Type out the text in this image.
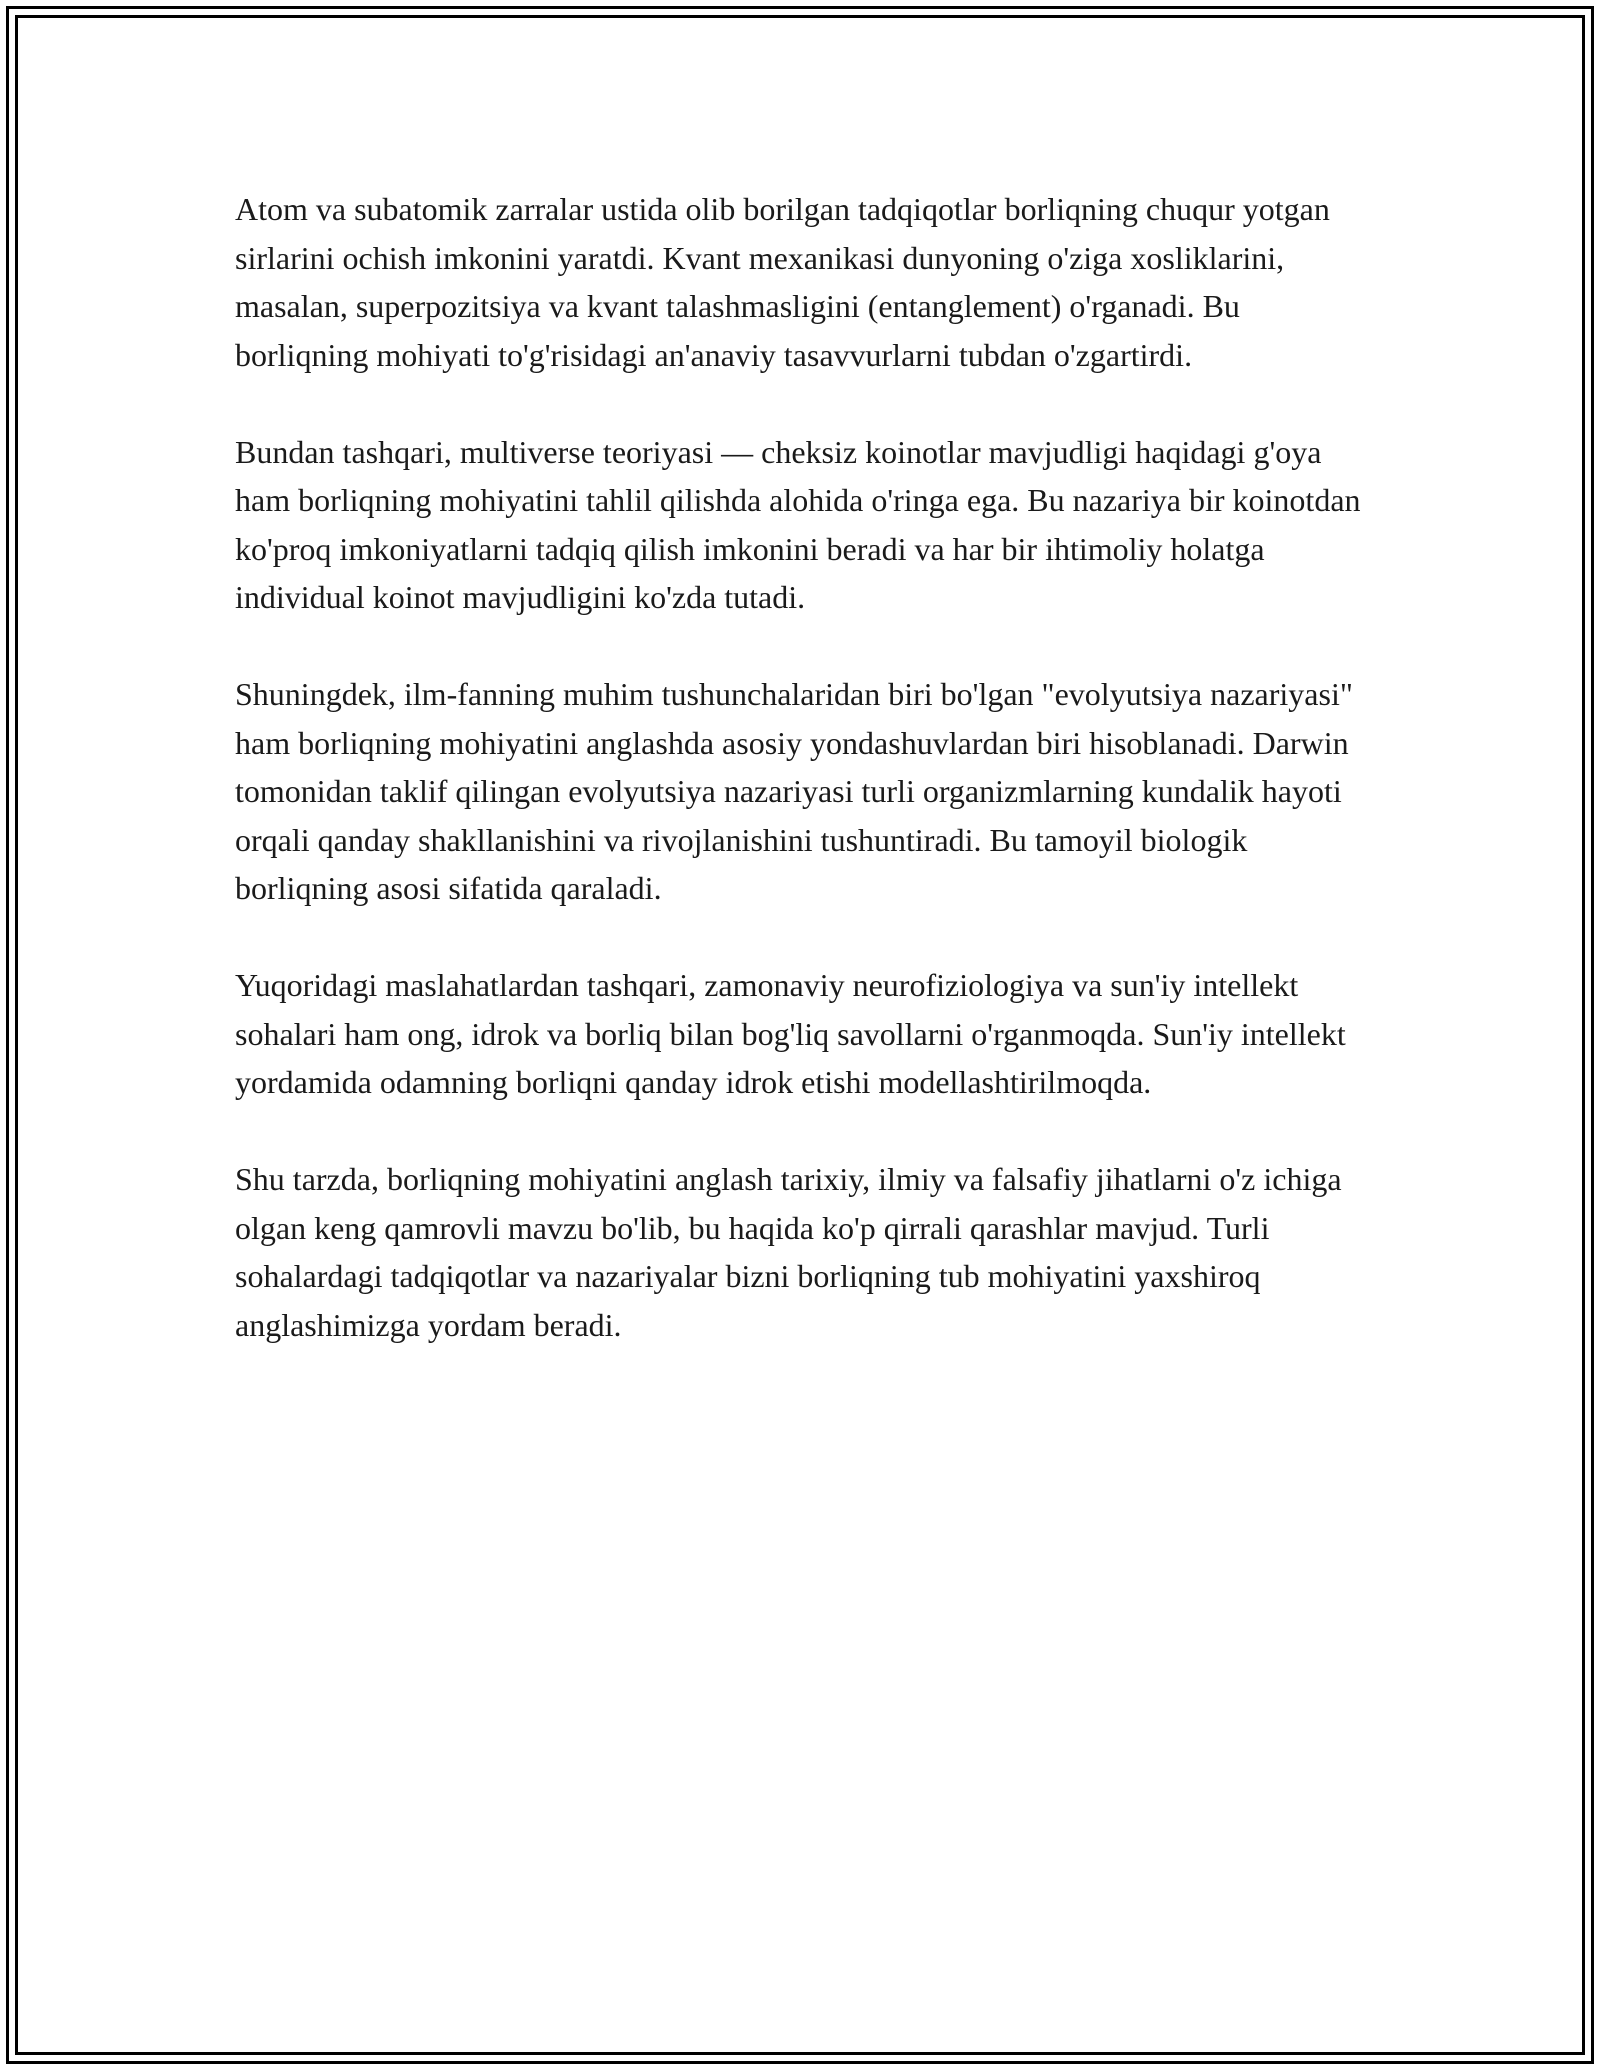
Atom va subatomik zarralar ustida olib borilgan tadqiqotlar borliqning chuqur yotgan sirlarini ochish imkonini yaratdi. Kvant mexanikasi dunyoning o'ziga xosliklarini, masalan, superpozitsiya va kvant talashmasligini (entanglement) o'rganadi. Bu borliqning mohiyati to'g'risidagi an'anaviy tasavvurlarni tubdan o'zgartirdi.

Bundan tashqari, multiverse teoriyasi — cheksiz koinotlar mavjudligi haqidagi g'oya ham borliqning mohiyatini tahlil qilishda alohida o'ringa ega. Bu nazariya bir koinotdan ko'proq imkoniyatlarni tadqiq qilish imkonini beradi va har bir ihtimoliy holatga individual koinot mavjudligini ko'zda tutadi.

Shuningdek, ilm-fanning muhim tushunchalaridan biri bo'lgan "evolyutsiya nazariyasi" ham borliqning mohiyatini anglashda asosiy yondashuvlardan biri hisoblanadi. Darwin tomonidan taklif qilingan evolyutsiya nazariyasi turli organizmlarning kundalik hayoti orqali qanday shakllanishini va rivojlanishini tushuntiradi. Bu tamoyil biologik borliqning asosi sifatida qaraladi.

Yuqoridagi maslahatlardan tashqari, zamonaviy neurofiziologiya va sun'iy intellekt sohalari ham ong, idrok va borliq bilan bog'liq savollarni o'rganmoqda. Sun'iy intellekt yordamida odamning borliqni qanday idrok etishi modellashtirilmoqda.

Shu tarzda, borliqning mohiyatini anglash tarixiy, ilmiy va falsafiy jihatlarni o'z ichiga olgan keng qamrovli mavzu bo'lib, bu haqida ko'p qirrali qarashlar mavjud. Turli sohalardagi tadqiqotlar va nazariyalar bizni borliqning tub mohiyatini yaxshiroq anglashimizga yordam beradi.
